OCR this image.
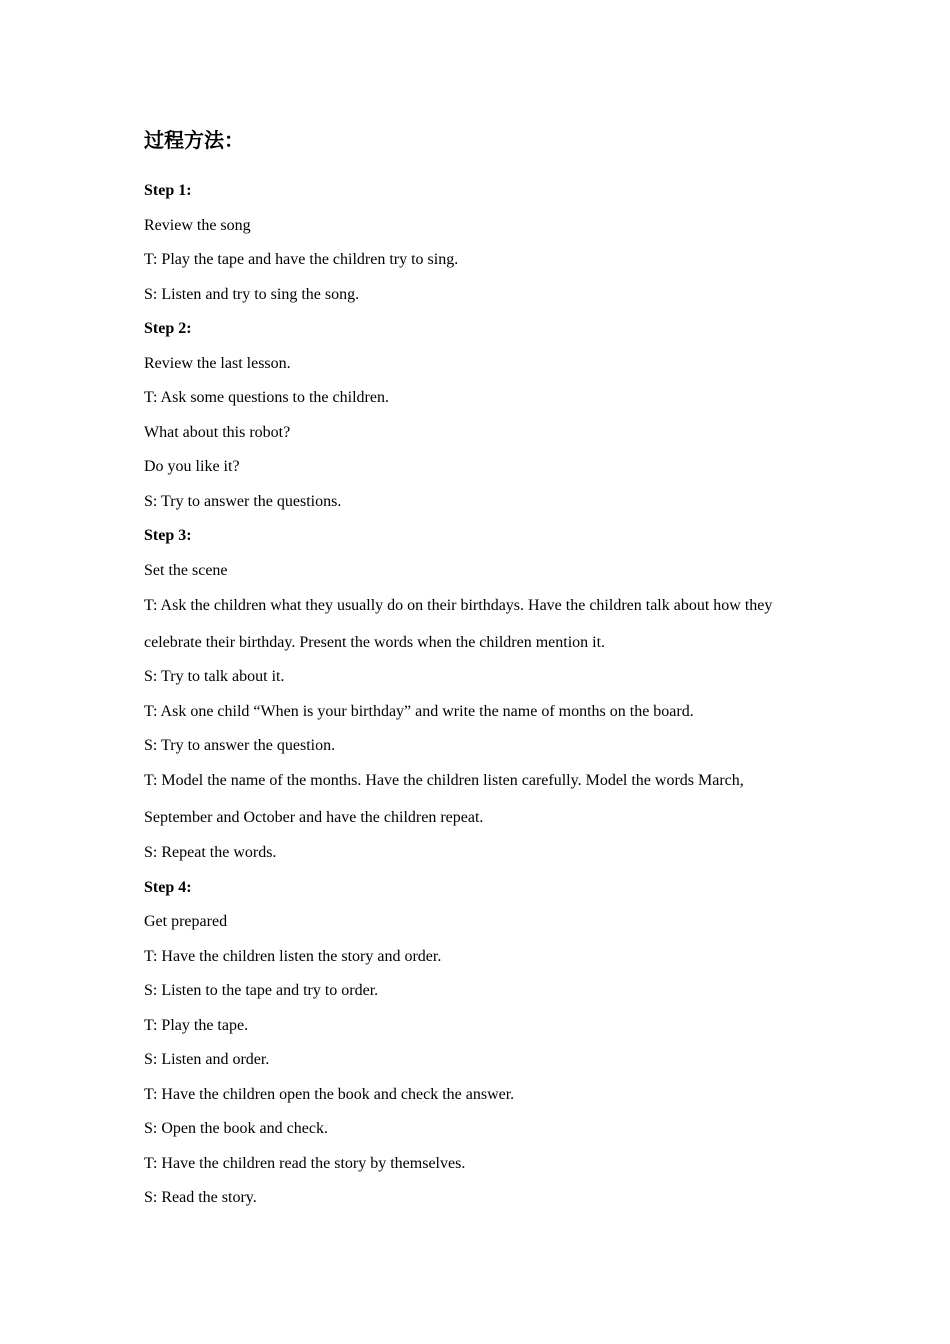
过程方法：
Step 1:
Review the song
T: Play the tape and have the children try to sing.
S: Listen and try to sing the song.
Step 2:
Review the last lesson.
T: Ask some questions to the children.
What about this robot?
Do you like it?
S: Try to answer the questions.
Step 3:
Set the scene
T: Ask the children what they usually do on their birthdays. Have the children talk about how they
celebrate their birthday. Present the words when the children mention it.
S: Try to talk about it.
T: Ask one child “When is your birthday” and write the name of months on the board.
S: Try to answer the question.
T: Model the name of the months. Have the children listen carefully. Model the words March,
September and October and have the children repeat.
S: Repeat the words.
Step 4:
Get prepared
T: Have the children listen the story and order.
S: Listen to the tape and try to order.
T: Play the tape.
S: Listen and order.
T: Have the children open the book and check the answer.
S: Open the book and check.
T: Have the children read the story by themselves.
S: Read the story.
